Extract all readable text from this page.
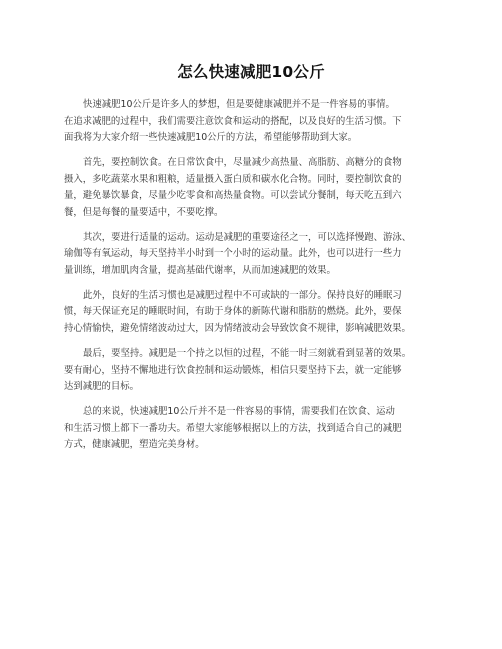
怎么快速减肥10公斤
快速减肥10公斤是许多人的梦想，但是要健康减肥并不是一件容易的事情。
在追求减肥的过程中，我们需要注意饮食和运动的搭配，以及良好的生活习惯。下
面我将为大家介绍一些快速减肥10公斤的方法，希望能够帮助到大家。
首先，要控制饮食。在日常饮食中，尽量减少高热量、高脂肪、高糖分的食物
摄入，多吃蔬菜水果和粗粮，适量摄入蛋白质和碳水化合物。同时，要控制饮食的
量，避免暴饮暴食，尽量少吃零食和高热量食物。可以尝试分餐制，每天吃五到六
餐，但是每餐的量要适中，不要吃撑。
其次，要进行适量的运动。运动是减肥的重要途径之一，可以选择慢跑、游泳、
瑜伽等有氧运动，每天坚持半小时到一个小时的运动量。此外，也可以进行一些力
量训练，增加肌肉含量，提高基础代谢率，从而加速减肥的效果。
此外，良好的生活习惯也是减肥过程中不可或缺的一部分。保持良好的睡眠习
惯，每天保证充足的睡眠时间，有助于身体的新陈代谢和脂肪的燃烧。此外，要保
持心情愉快，避免情绪波动过大，因为情绪波动会导致饮食不规律，影响减肥效果。
最后，要坚持。减肥是一个持之以恒的过程，不能一时三刻就看到显著的效果。
要有耐心，坚持不懈地进行饮食控制和运动锻炼，相信只要坚持下去，就一定能够
达到减肥的目标。
总的来说，快速减肥10公斤并不是一件容易的事情，需要我们在饮食、运动
和生活习惯上都下一番功夫。希望大家能够根据以上的方法，找到适合自己的减肥
方式，健康减肥，塑造完美身材。
